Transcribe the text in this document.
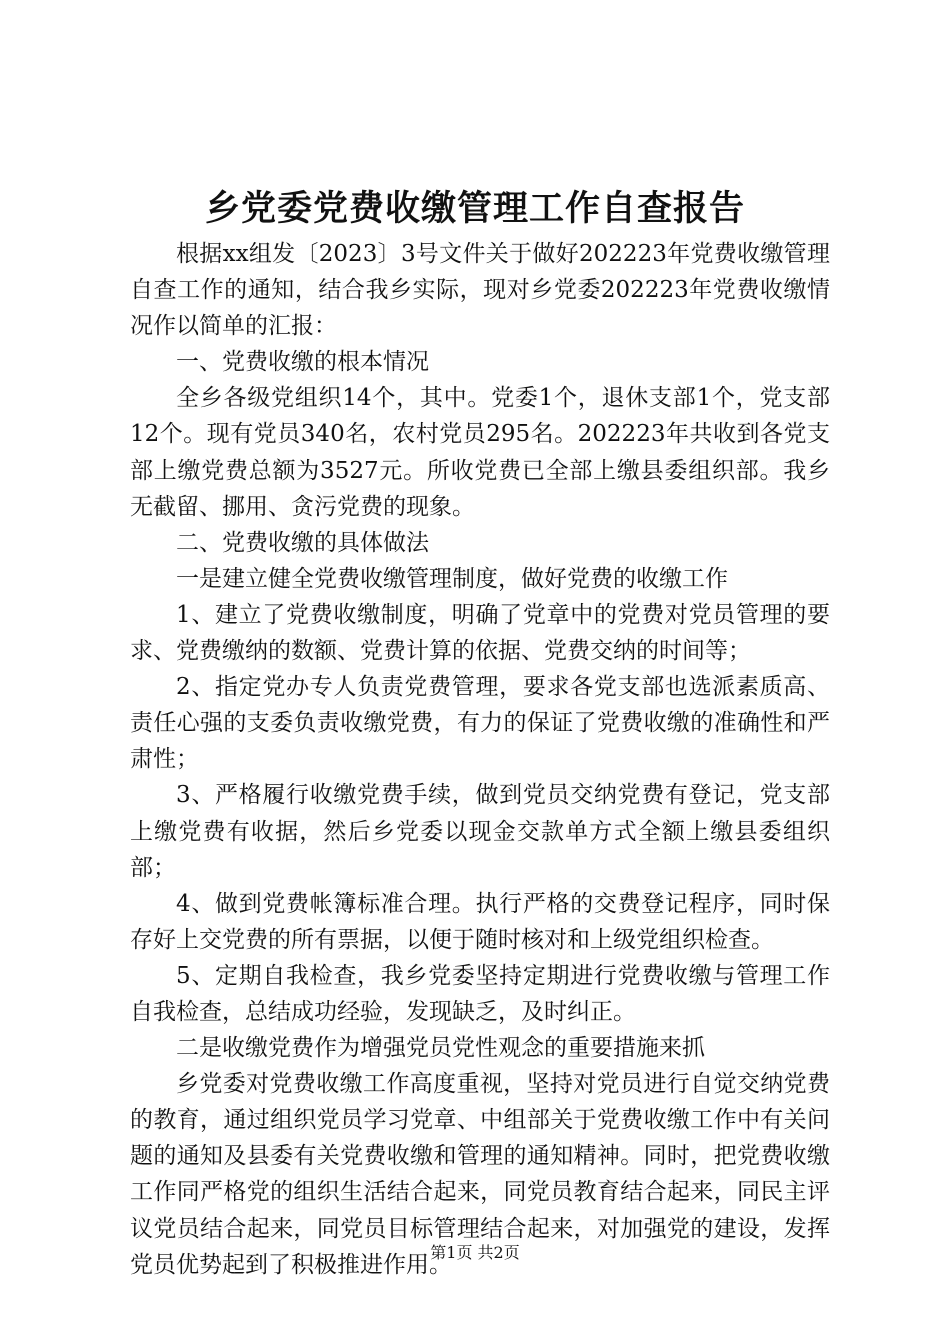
乡党委党费收缴管理工作自查报告

根据xx组发〔2023〕3号文件关于做好202223年党费收缴管理自查工作的通知，结合我乡实际，现对乡党委202223年党费收缴情况作以简单的汇报：

一、党费收缴的根本情况

全乡各级党组织14个，其中。党委1个，退休支部1个，党支部12个。现有党员340名，农村党员295名。202223年共收到各党支部上缴党费总额为3527元。所收党费已全部上缴县委组织部。我乡无截留、挪用、贪污党费的现象。

二、党费收缴的具体做法

一是建立健全党费收缴管理制度，做好党费的收缴工作

1、建立了党费收缴制度，明确了党章中的党费对党员管理的要求、党费缴纳的数额、党费计算的依据、党费交纳的时间等；

2、指定党办专人负责党费管理，要求各党支部也选派素质高、责任心强的支委负责收缴党费，有力的保证了党费收缴的准确性和严肃性；

3、严格履行收缴党费手续，做到党员交纳党费有登记，党支部上缴党费有收据，然后乡党委以现金交款单方式全额上缴县委组织部；

4、做到党费帐簿标准合理。执行严格的交费登记程序，同时保存好上交党费的所有票据，以便于随时核对和上级党组织检查。

5、定期自我检查，我乡党委坚持定期进行党费收缴与管理工作自我检查，总结成功经验，发现缺乏，及时纠正。

二是收缴党费作为增强党员党性观念的重要措施来抓

乡党委对党费收缴工作高度重视，坚持对党员进行自觉交纳党费的教育，通过组织党员学习党章、中组部关于党费收缴工作中有关问题的通知及县委有关党费收缴和管理的通知精神。同时，把党费收缴工作同严格党的组织生活结合起来，同党员教育结合起来，同民主评议党员结合起来，同党员目标管理结合起来，对加强党的建设，发挥党员优势起到了积极推进作用。

第1页 共2页
